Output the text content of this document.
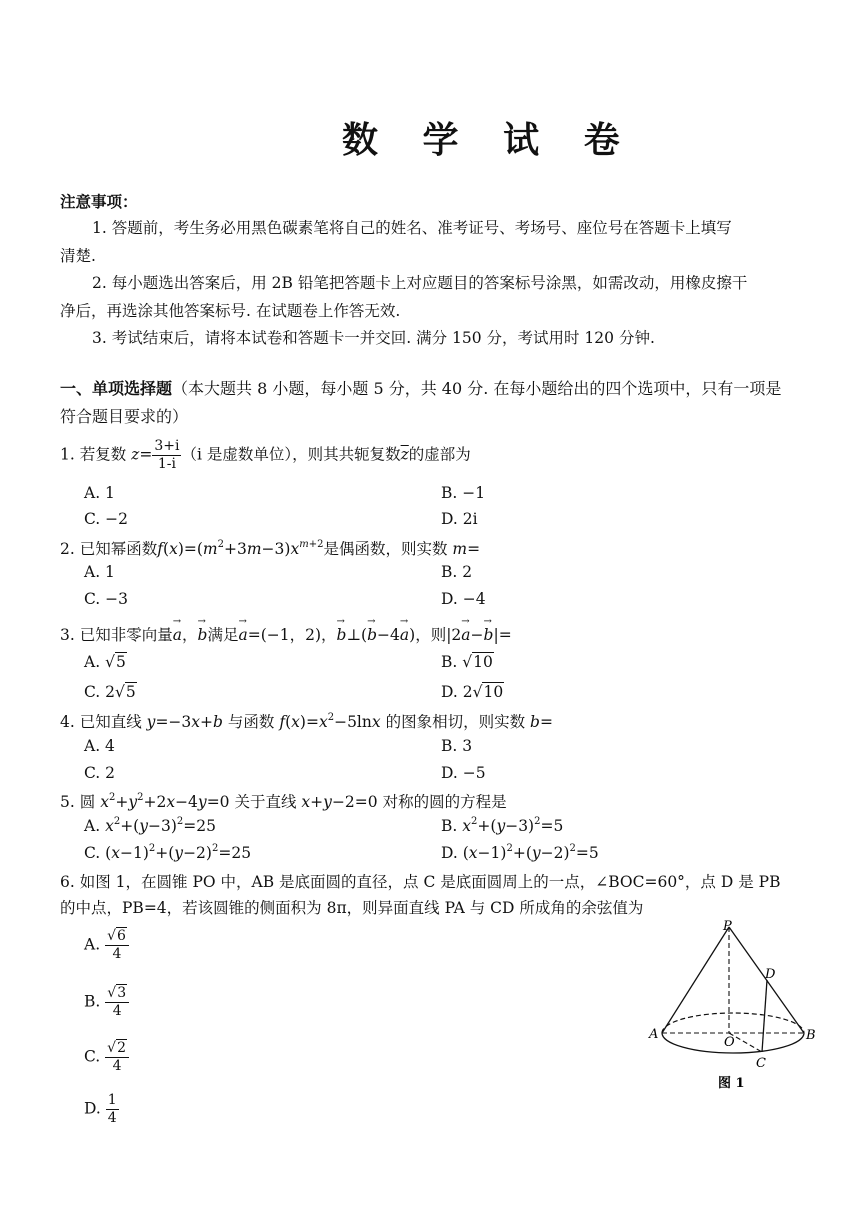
数 学 试 卷
注意事项：
1. 答题前，考生务必用黑色碳素笔将自己的姓名、准考证号、考场号、座位号在答题卡上填写
清楚.
2. 每小题选出答案后，用 2B 铅笔把答题卡上对应题目的答案标号涂黑，如需改动，用橡皮擦干
净后，再选涂其他答案标号. 在试题卷上作答无效.
3. 考试结束后，请将本试卷和答题卡一并交回. 满分 150 分，考试用时 120 分钟.
一、单项选择题（本大题共 8 小题，每小题 5 分，共 40 分. 在每小题给出的四个选项中，只有一项是
符合题目要求的）
1. 若复数 $z= \frac{3+i}{1-i} (i$ 是虚数单位），则其共轭复数$\overline{z}$的虚部为
A. 1	B. −1
C. −2	D. 2i
2. 已知幂函数$f(x)=(m^2+3m-3)x^{m+2}$是偶函数，则实数 m=
A. 1	B. 2
C. −3	D. −4
3. 已知非零向量→ a，→ b满足→ a=(−1，2)，→ b⊥(→ b−4→ a)，则|2→ a−→ b|=
A. √5	B. √10
C. 2√5	D. 2√10
4. 已知直线 y=−3x+b 与函数 $f(x)=x^2-5\ln x$ 的图象相切，则实数 b=
A. 4	B. 3
C. 2	D. −5
5. 圆 $x^2+y^2+2x-4y=0$ 关于直线 x+y−2=0 对称的圆的方程是
A. $x^2+(y-3)^2=25$	B. $x^2+(y-3)^2=5$
C. $(x-1)^2+(y-2)^2=25$	D. $(x-1)^2+(y-2)^2=5$
6. 如图 1，在圆锥 PO 中，AB 是底面圆的直径，点 C 是底面圆周上的一点，∠BOC=60°，点 D 是 PB
的中点，PB=4，若该圆锥的侧面积为 8π，则异面直线 PA 与 CD 所成角的余弦值为
A. $\frac{√6}{4}$
B. $\frac{√3}{4}$
C. $\frac{√2}{4}$
D. $\frac{1}{4}$
P
D
A
O	B
C
图 1
